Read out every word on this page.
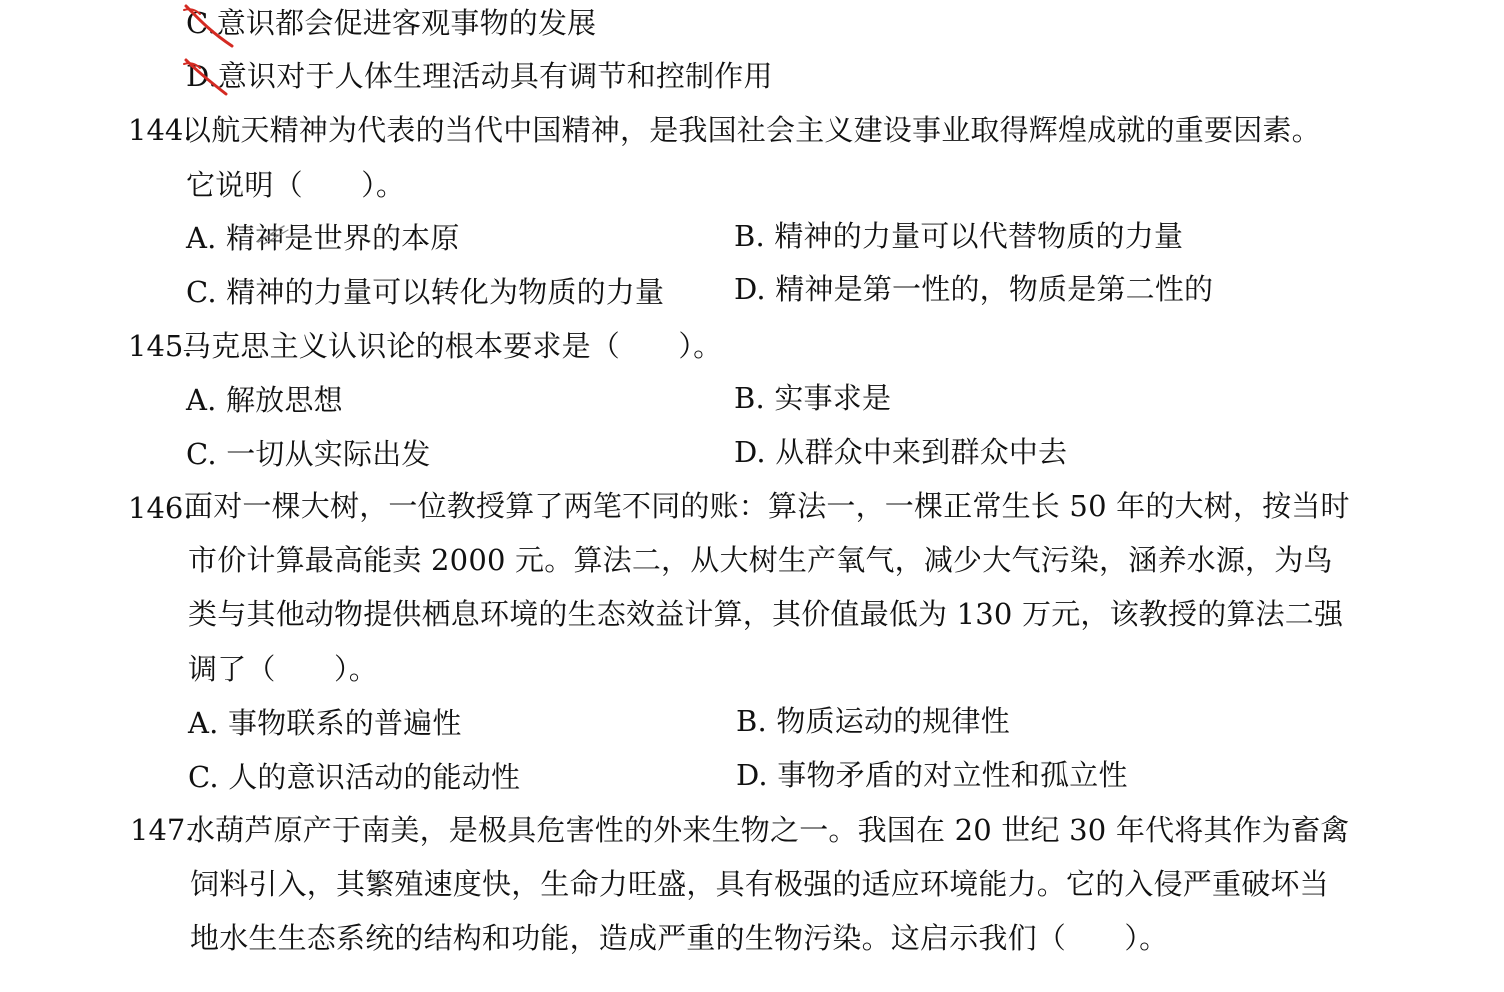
C.意识都会促进客观事物的发展
D.意识对于人体生理活动具有调节和控制作用
144.
以航天精神为代表的当代中国精神，是我国社会主义建设事业取得辉煌成就的重要因素。
它说明（　　）。
A. 精神是世界的本原	B. 精神的力量可以代替物质的力量
C. 精神的力量可以转化为物质的力量 D. 精神是第一性的，物质是第二性的
145.
马克思主义认识论的根本要求是（　　）。
A. 解放思想	B. 实事求是
C. 一切从实际出发	D. 从群众中来到群众中去
146.
面对一棵大树，一位教授算了两笔不同的账：算法一，一棵正常生长 50 年的大树，按当时
市价计算最高能卖 2000 元。算法二，从大树生产氧气，减少大气污染，涵养水源，为鸟
类与其他动物提供栖息环境的生态效益计算，其价值最低为 130 万元，该教授的算法二强
调了（　　）。
A. 事物联系的普遍性	B. 物质运动的规律性
C. 人的意识活动的能动性	D. 事物矛盾的对立性和孤立性
147.
水葫芦原产于南美，是极具危害性的外来生物之一。我国在 20 世纪 30 年代将其作为畜禽
饲料引入，其繁殖速度快，生命力旺盛，具有极强的适应环境能力。它的入侵严重破坏当
地水生生态系统的结构和功能，造成严重的生物污染。这启示我们（　　）。
